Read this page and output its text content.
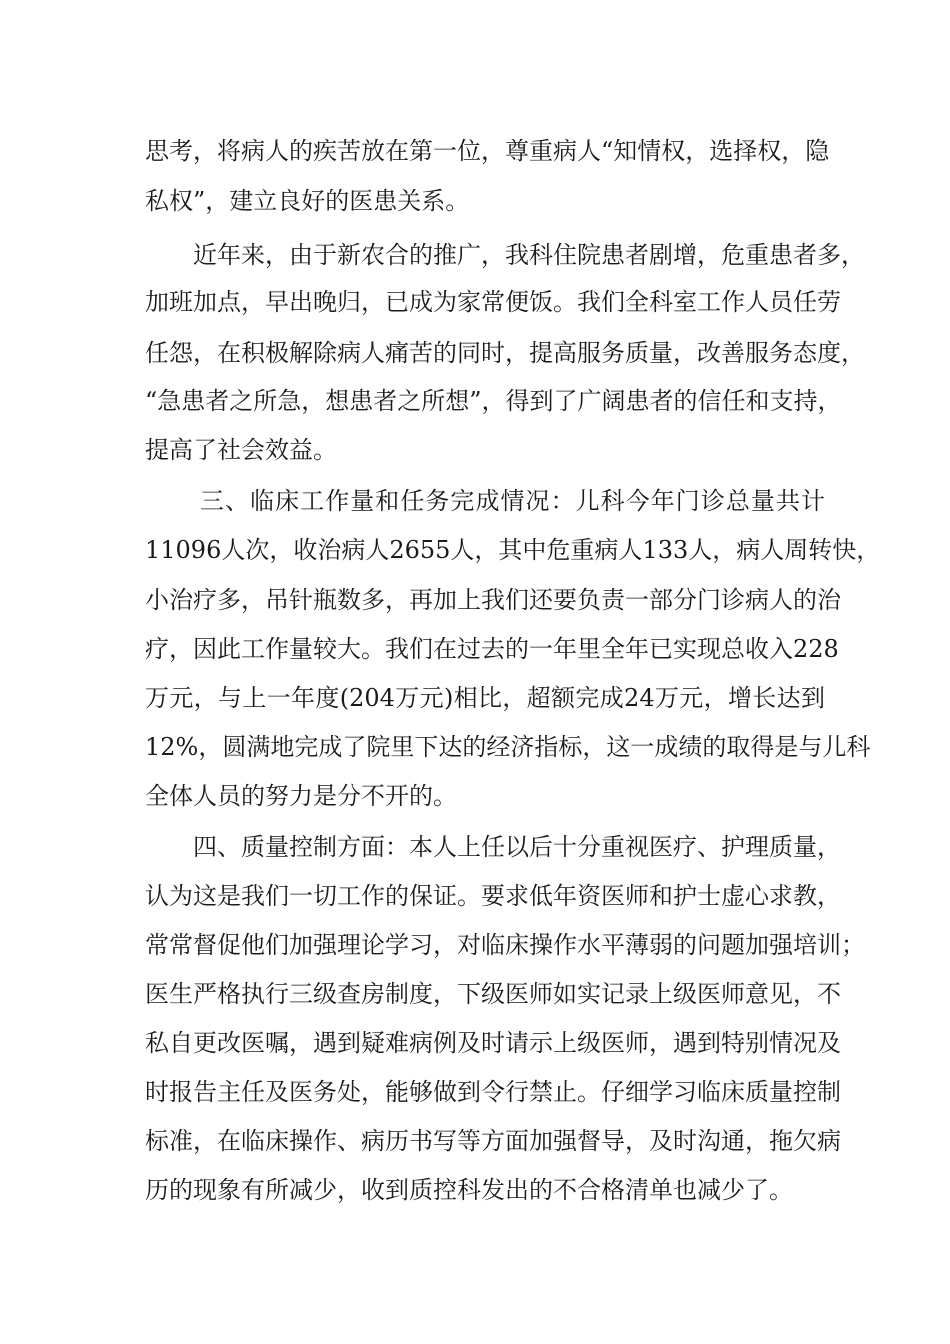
思考，将病人的疾苦放在第一位，尊重病人“知情权，选择权，隐
私权”，建立良好的医患关系。
近年来，由于新农合的推广，我科住院患者剧增，危重患者多，
加班加点，早出晚归，已成为家常便饭。我们全科室工作人员任劳
任怨，在积极解除病人痛苦的同时，提高服务质量，改善服务态度，
“急患者之所急，想患者之所想”，得到了广阔患者的信任和支持，
提高了社会效益。
三、临床工作量和任务完成情况：儿科今年门诊总量共计
11096人次，收治病人2655人，其中危重病人133人，病人周转快，
小治疗多，吊针瓶数多，再加上我们还要负责一部分门诊病人的治
疗，因此工作量较大。我们在过去的一年里全年已实现总收入228
万元，与上一年度(204万元)相比，超额完成24万元，增长达到
12%，圆满地完成了院里下达的经济指标，这一成绩的取得是与儿科
全体人员的努力是分不开的。
四、质量控制方面：本人上任以后十分重视医疗、护理质量，
认为这是我们一切工作的保证。要求低年资医师和护士虚心求教，
常常督促他们加强理论学习，对临床操作水平薄弱的问题加强培训；
医生严格执行三级查房制度，下级医师如实记录上级医师意见，不
私自更改医嘱，遇到疑难病例及时请示上级医师，遇到特别情况及
时报告主任及医务处，能够做到令行禁止。仔细学习临床质量控制
标准，在临床操作、病历书写等方面加强督导，及时沟通，拖欠病
历的现象有所减少，收到质控科发出的不合格清单也减少了。
